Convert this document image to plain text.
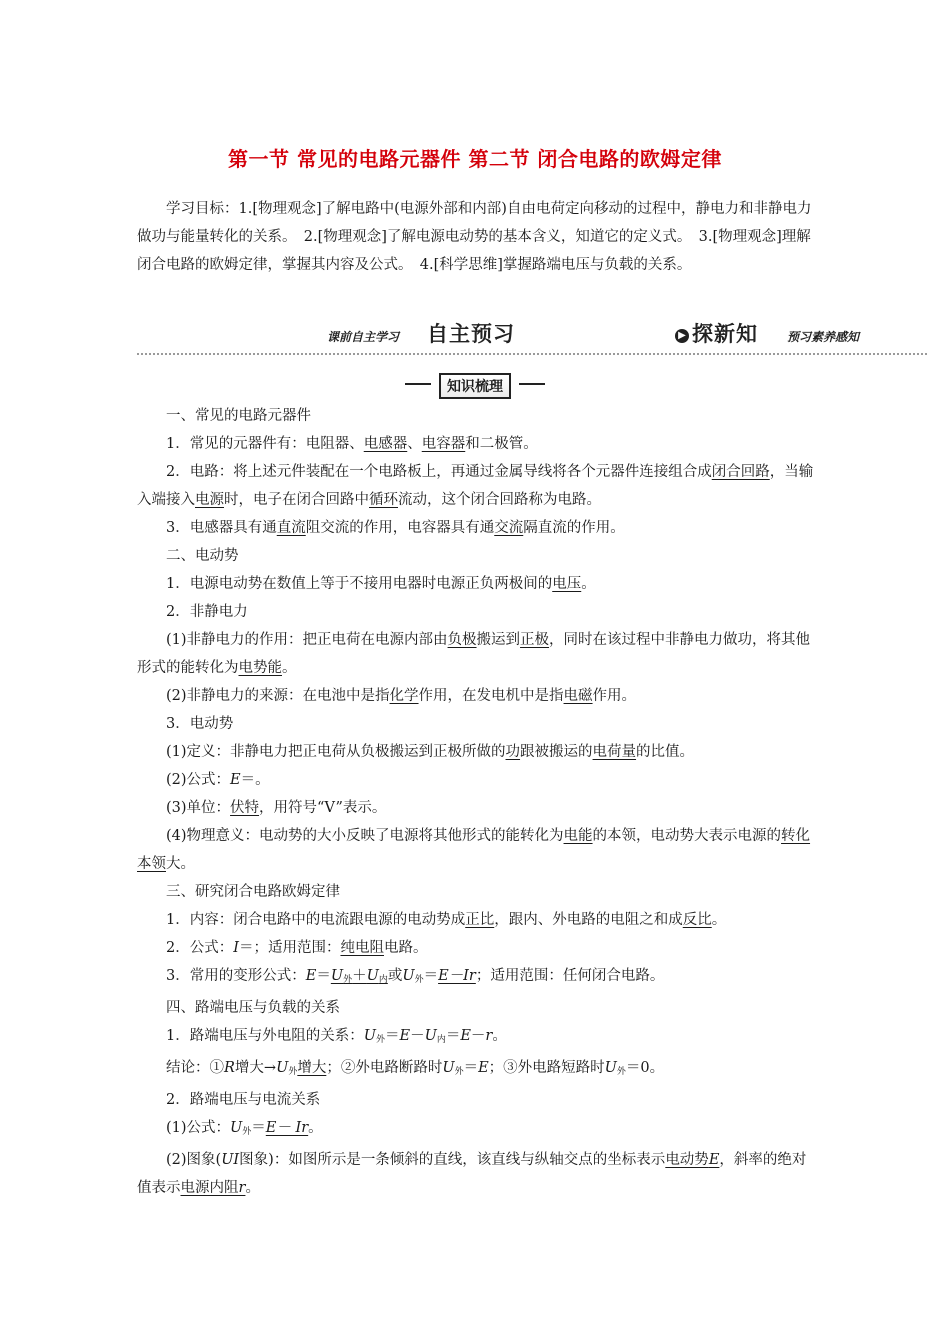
第一节 常见的电路元器件 第二节 闭合电路的欧姆定律

学习目标：1.[物理观念]了解电路中(电源外部和内部)自由电荷定向移动的过程中，静电力和非静电力做功与能量转化的关系。　2.[物理观念]了解电源电动势的基本含义，知道它的定义式。　3.[物理观念]理解闭合电路的欧姆定律，掌握其内容及公式。　4.[科学思维]掌握路端电压与负载的关系。

课前自主学习 自主预习	▶ 探新知 预习素养感知
知识梳理

一、常见的电路元器件

1．常见的元器件有：电阻器、电感器、电容器和二极管。

2．电路：将上述元件装配在一个电路板上，再通过金属导线将各个元器件连接组合成闭合回路，当输入端接入电源时，电子在闭合回路中循环流动，这个闭合回路称为电路。

3．电感器具有通直流阻交流的作用，电容器具有通交流隔直流的作用。

二、电动势

1．电源电动势在数值上等于不接用电器时电源正负两极间的电压。

2．非静电力

(1)非静电力的作用：把正电荷在电源内部由负极搬运到正极，同时在该过程中非静电力做功，将其他形式的能转化为电势能。

(2)非静电力的来源：在电池中是指化学作用，在发电机中是指电磁作用。

3．电动势

(1)定义：非静电力把正电荷从负极搬运到正极所做的功跟被搬运的电荷量的比值。

(2)公式：E＝。

(3)单位：伏特，用符号“V”表示。

(4)物理意义：电动势的大小反映了电源将其他形式的能转化为电能的本领，电动势大表示电源的转化本领大。

三、研究闭合电路欧姆定律

1．内容：闭合电路中的电流跟电源的电动势成正比，跟内、外电路的电阻之和成反比。

2．公式：I＝；适用范围：纯电阻电路。

3．常用的变形公式：$E=U_外+U_内$或$U_外=E-Ir$；适用范围：任何闭合电路。

四、路端电压与负载的关系

1．路端电压与外电阻的关系：$U_外=E-U_内=E-r$。

结论：①R增大$\to U_外$增大；②外电路断路时$U_外=E$；③外电路短路时$U_外=0$。

2．路端电压与电流关系

(1)公式：$U_外=E- Ir$。

(2)图象(UI图象)：如图所示是一条倾斜的直线，该直线与纵轴交点的坐标表示电动势E，斜率的绝对值表示电源内阻r。
